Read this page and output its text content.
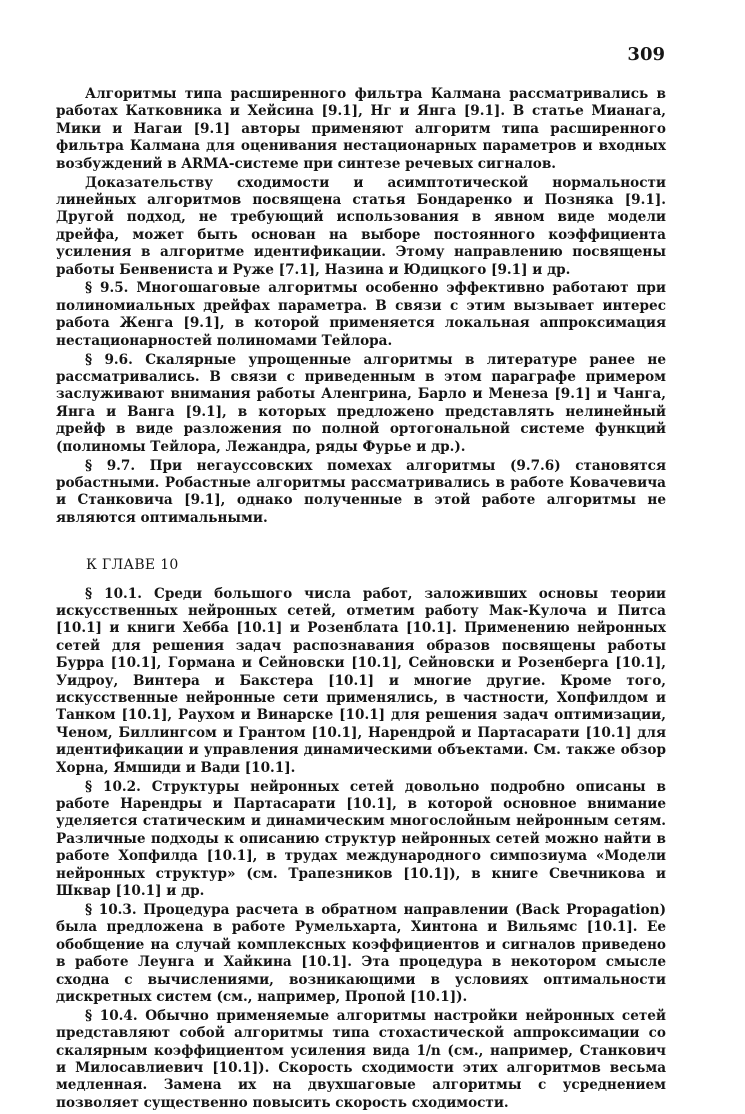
309

Алгоритмы типа расширенного фильтра Калмана рассматривались в работах Катковника и Хейсина [9.1], Нг и Янга [9.1]. В статье Мианага, Мики и Нагаи [9.1] авторы применяют алгоритм типа расширенного фильтра Калмана для оценивания нестационарных параметров и входных возбуждений в ARMA-системе при синтезе речевых сигналов.

Доказательству сходимости и асимптотической нормальности линейных алгоритмов посвящена статья Бондаренко и Позняка [9.1]. Другой подход, не требующий использования в явном виде модели дрейфа, может быть основан на выборе постоянного коэффициента усиления в алгоритме идентификации. Этому направлению посвящены работы Бенвениста и Руже [7.1], Назина и Юдицкого [9.1] и др.

§ 9.5. Многошаговые алгоритмы особенно эффективно работают при полиномиальных дрейфах параметра. В связи с этим вызывает интерес работа Женга [9.1], в которой применяется локальная аппроксимация нестационарностей полиномами Тейлора.

§ 9.6. Скалярные упрощенные алгоритмы в литературе ранее не рассматривались. В связи с приведенным в этом параграфе примером заслуживают внимания работы Аленгрина, Барло и Менеза [9.1] и Чанга, Янга и Ванга [9.1], в которых предложено представлять нелинейный дрейф в виде разложения по полной ортогональной системе функций (полиномы Тейлора, Лежандра, ряды Фурье и др.).

§ 9.7. При негауссовских помехах алгоритмы (9.7.6) становятся робастными. Робастные алгоритмы рассматривались в работе Ковачевича и Станковича [9.1], однако полученные в этой работе алгоритмы не являются оптимальными.

К ГЛАВЕ 10

§ 10.1. Среди большого числа работ, заложивших основы теории искусственных нейронных сетей, отметим работу Мак-Кулоча и Питса [10.1] и книги Хебба [10.1] и Розенблата [10.1]. Применению нейронных сетей для решения задач распознавания образов посвящены работы Бурра [10.1], Гормана и Сейновски [10.1], Сейновски и Розенберга [10.1], Уидроу, Винтера и Бакстера [10.1] и многие другие. Кроме того, искусственные нейронные сети применялись, в частности, Хопфилдом и Танком [10.1], Раухом и Винарске [10.1] для решения задач оптимизации, Ченом, Биллингсом и Грантом [10.1], Нарендрой и Партасарати [10.1] для идентификации и управления динамическими объектами. См. также обзор Хорна, Ямшиди и Вади [10.1].

§ 10.2. Структуры нейронных сетей довольно подробно описаны в работе Нарендры и Партасарати [10.1], в которой основное внимание уделяется статическим и динамическим многослойным нейронным сетям. Различные подходы к описанию структур нейронных сетей можно найти в работе Хопфилда [10.1], в трудах международного симпозиума «Модели нейронных структур» (см. Трапезников [10.1]), в книге Свечникова и Шквар [10.1] и др.

§ 10.3. Процедура расчета в обратном направлении (Back Propagation) была предложена в работе Румельхарта, Хинтона и Вильямс [10.1]. Ее обобщение на случай комплексных коэффициентов и сигналов приведено в работе Леунга и Хайкина [10.1]. Эта процедура в некотором смысле сходна с вычислениями, возникающими в условиях оптимальности дискретных систем (см., например, Пропой [10.1]).

§ 10.4. Обычно применяемые алгоритмы настройки нейронных сетей представляют собой алгоритмы типа стохастической аппроксимации со скалярным коэффициентом усиления вида 1/n (см., например, Станкович и Милосавлиевич [10.1]). Скорость сходимости этих алгоритмов весьма медленная. Замена их на двухшаговые алгоритмы с усреднением позволяет существенно повысить скорость сходимости.
